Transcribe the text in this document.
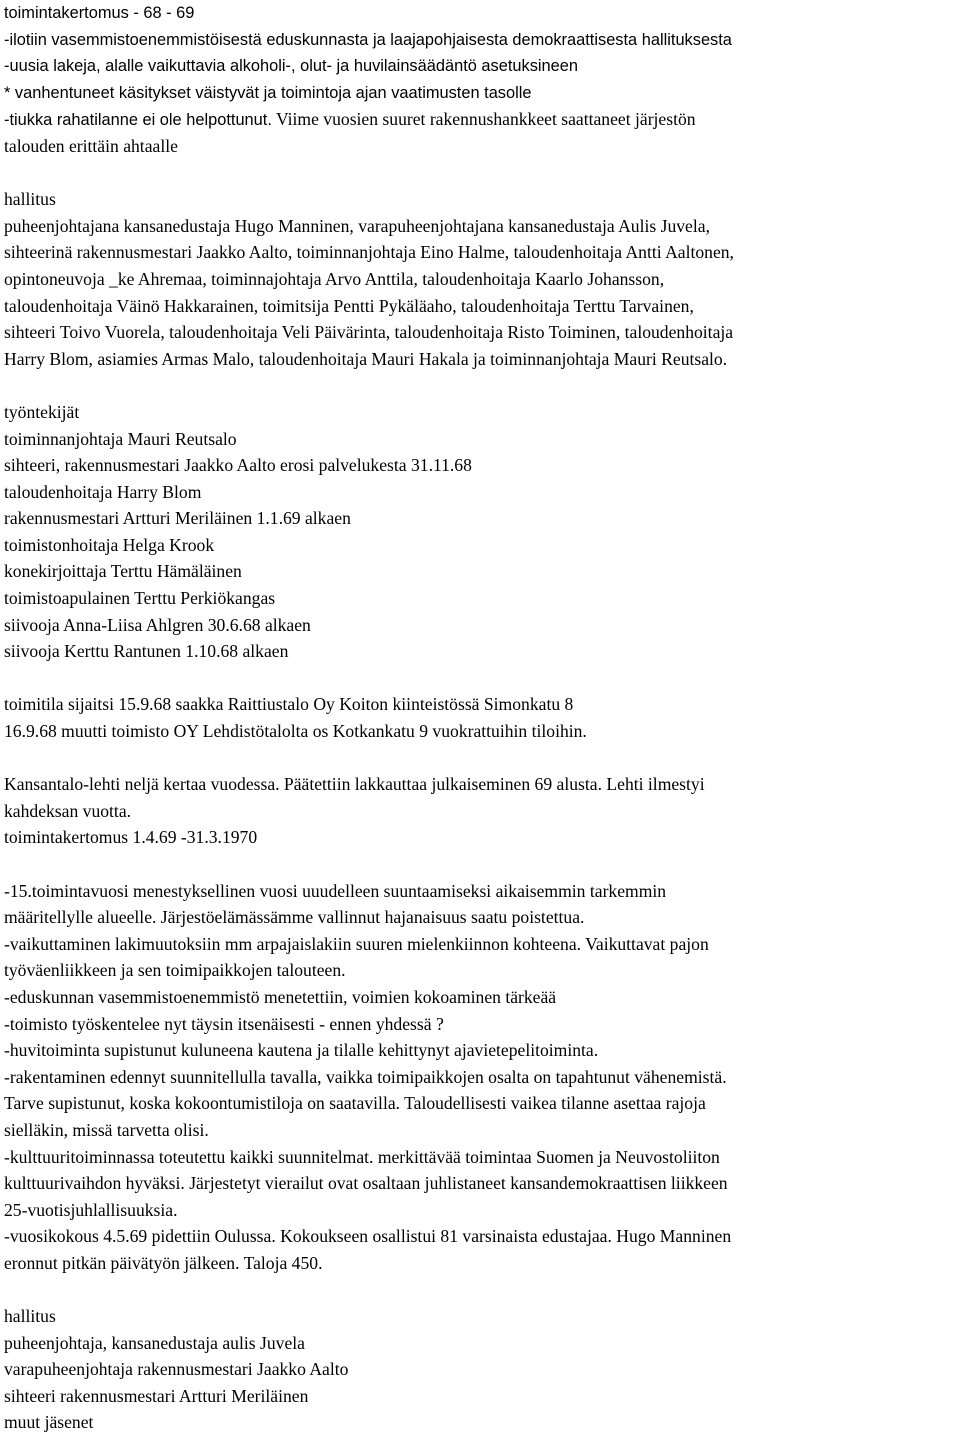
toimintakertomus - 68 - 69
-ilotiin vasemmistoenemmistöisestä eduskunnasta ja laajapohjaisesta demokraattisesta hallituksesta
-uusia lakeja, alalle vaikuttavia alkoholi-, olut- ja huvilainsäädäntö asetuksineen
* vanhentuneet käsitykset väistyvät ja toimintoja ajan vaatimusten tasolle
-tiukka rahatilanne ei ole helpottunut. Viime vuosien suuret rakennushankkeet saattaneet järjestön
talouden erittäin ahtaalle
hallitus
puheenjohtajana kansanedustaja Hugo Manninen, varapuheenjohtajana kansanedustaja Aulis Juvela,
sihteerinä rakennusmestari Jaakko Aalto, toiminnanjohtaja Eino Halme, taloudenhoitaja Antti Aaltonen,
opintoneuvoja _ke Ahremaa, toiminnajohtaja Arvo Anttila, taloudenhoitaja Kaarlo Johansson,
taloudenhoitaja Väinö Hakkarainen, toimitsija Pentti Pykäläaho, taloudenhoitaja Terttu Tarvainen,
sihteeri Toivo Vuorela, taloudenhoitaja Veli Päivärinta, taloudenhoitaja Risto Toiminen, taloudenhoitaja
Harry Blom, asiamies Armas Malo, taloudenhoitaja Mauri Hakala ja toiminnanjohtaja Mauri Reutsalo.
työntekijät
toiminnanjohtaja Mauri Reutsalo
sihteeri, rakennusmestari Jaakko Aalto erosi palvelukesta 31.11.68
taloudenhoitaja Harry Blom
rakennusmestari Artturi Meriläinen 1.1.69 alkaen
toimistonhoitaja Helga Krook
konekirjoittaja Terttu Hämäläinen
toimistoapulainen Terttu Perkiökangas
siivooja Anna-Liisa Ahlgren 30.6.68 alkaen
siivooja Kerttu Rantunen 1.10.68 alkaen
toimitila sijaitsi 15.9.68 saakka Raittiustalo Oy Koiton kiinteistössä Simonkatu 8
16.9.68 muutti toimisto OY Lehdistötalolta os Kotkankatu 9 vuokrattuihin tiloihin.
Kansantalo-lehti neljä kertaa vuodessa. Päätettiin lakkauttaa julkaiseminen 69 alusta. Lehti ilmestyi
kahdeksan vuotta.
toimintakertomus 1.4.69 -31.3.1970
-15.toimintavuosi menestyksellinen vuosi uuudelleen suuntaamiseksi aikaisemmin tarkemmin
määritellylle alueelle. Järjestöelämässämme vallinnut hajanaisuus saatu poistettua.
-vaikuttaminen lakimuutoksiin mm arpajaislakiin suuren mielenkiinnon kohteena. Vaikuttavat pajon
työväenliikkeen ja sen toimipaikkojen talouteen.
-eduskunnan vasemmistoenemmistö menetettiin, voimien kokoaminen tärkeää
-toimisto työskentelee nyt täysin itsenäisesti - ennen yhdessä ?
-huvitoiminta supistunut kuluneena kautena ja tilalle kehittynyt ajavietepelitoiminta.
-rakentaminen edennyt suunnitellulla tavalla, vaikka toimipaikkojen osalta on tapahtunut vähenemistä.
Tarve supistunut, koska kokoontumistiloja on saatavilla. Taloudellisesti vaikea tilanne asettaa rajoja
sielläkin, missä tarvetta olisi.
-kulttuuritoiminnassa toteutettu kaikki suunnitelmat. merkittävää toimintaa Suomen ja Neuvostoliiton
kulttuurivaihdon hyväksi. Järjestetyt vierailut ovat osaltaan juhlistaneet kansandemokraattisen liikkeen
25-vuotisjuhlallisuuksia.
-vuosikokous 4.5.69 pidettiin Oulussa. Kokoukseen osallistui 81 varsinaista edustajaa. Hugo Manninen
eronnut pitkän päivätyön jälkeen. Taloja 450.
hallitus
puheenjohtaja, kansanedustaja aulis Juvela
varapuheenjohtaja rakennusmestari Jaakko Aalto
sihteeri rakennusmestari Artturi Meriläinen
muut jäsenet
